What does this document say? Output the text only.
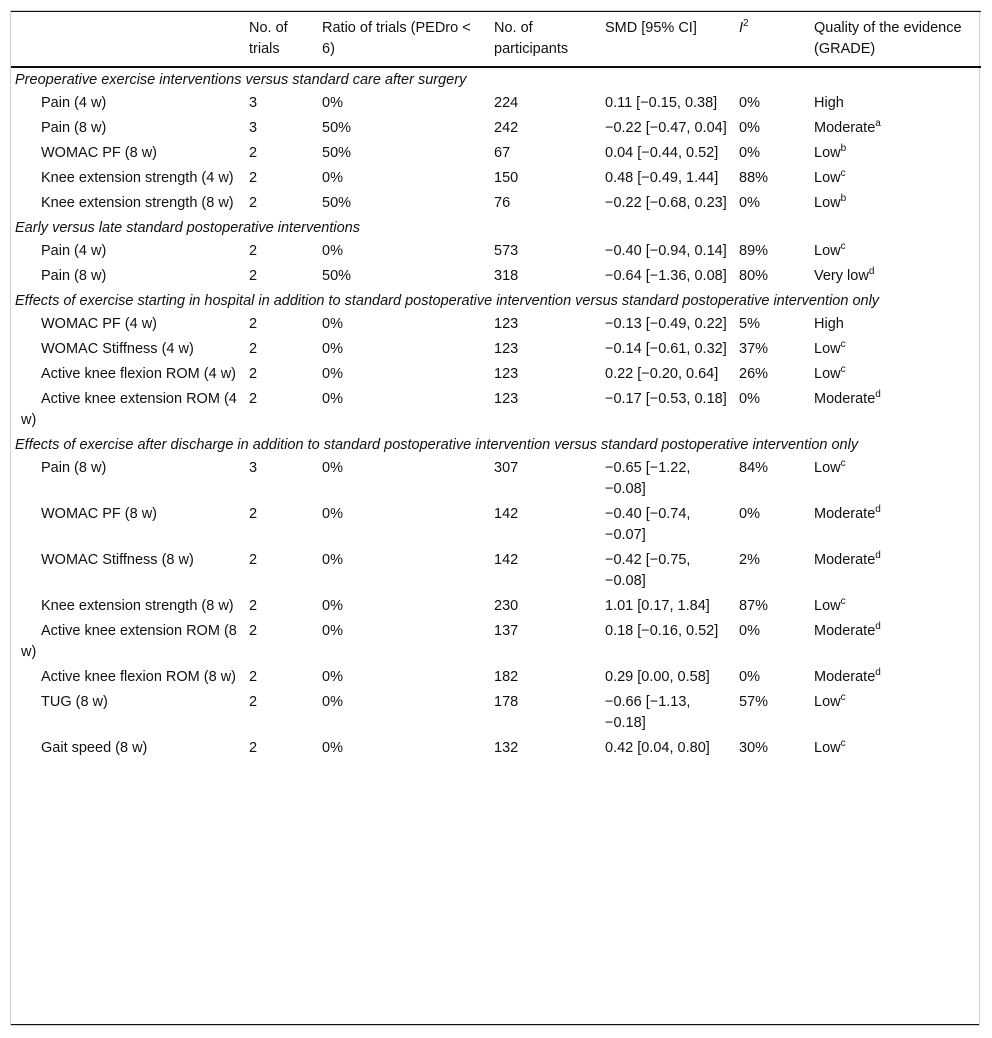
	No. of trials	Ratio of trials (PEDro < 6)	No. of participants	SMD [95% CI]	$I^2$	Quality of the evidence (GRADE)
Preoperative exercise interventions versus standard care after surgery						
Pain (4 w)	3	0%	224	0.11 [−0.15, 0.38]	0%	High
Pain (8 w)	3	50%	242	−0.22 [−0.47, 0.04]	0%	Moderate$^a$
WOMAC PF (8 w)	2	50%	67	0.04 [−0.44, 0.52]	0%	Low$^b$
Knee extension strength (4 w)	2	0%	150	0.48 [−0.49, 1.44]	88%	Low$^c$
Knee extension strength (8 w)	2	50%	76	−0.22 [−0.68, 0.23]	0%	Low$^b$
Early versus late standard postoperative interventions						
Pain (4 w)	2	0%	573	−0.40 [−0.94, 0.14]	89%	Low$^c$
Pain (8 w)	2	50%	318	−0.64 [−1.36, 0.08]	80%	Very low$^d$
Effects of exercise starting in hospital in addition to standard postoperative intervention versus standard postoperative intervention only						
WOMAC PF (4 w)	2	0%	123	−0.13 [−0.49, 0.22]	5%	High
WOMAC Stiffness (4 w)	2	0%	123	−0.14 [−0.61, 0.32]	37%	Low$^c$
Active knee flexion ROM (4 w)	2	0%	123	0.22 [−0.20, 0.64]	26%	Low$^c$
Active knee extension ROM (4 w)	2	0%	123	−0.17 [−0.53, 0.18]	0%	Moderate$^d$
Effects of exercise after discharge in addition to standard postoperative intervention versus standard postoperative intervention only						
Pain (8 w)	3	0%	307	−0.65 [−1.22, −0.08]	84%	Low$^c$
WOMAC PF (8 w)	2	0%	142	−0.40 [−0.74, −0.07]	0%	Moderate$^d$
WOMAC Stiffness (8 w)	2	0%	142	−0.42 [−0.75, −0.08]	2%	Moderate$^d$
Knee extension strength (8 w)	2	0%	230	1.01 [0.17, 1.84]	87%	Low$^c$
Active knee extension ROM (8 w)	2	0%	137	0.18 [−0.16, 0.52]	0%	Moderate$^d$
Active knee flexion ROM (8 w)	2	0%	182	0.29 [0.00, 0.58]	0%	Moderate$^d$
TUG (8 w)	2	0%	178	−0.66 [−1.13, −0.18]	57%	Low$^c$
Gait speed (8 w)	2	0%	132	0.42 [0.04, 0.80]	30%	Low$^c$
